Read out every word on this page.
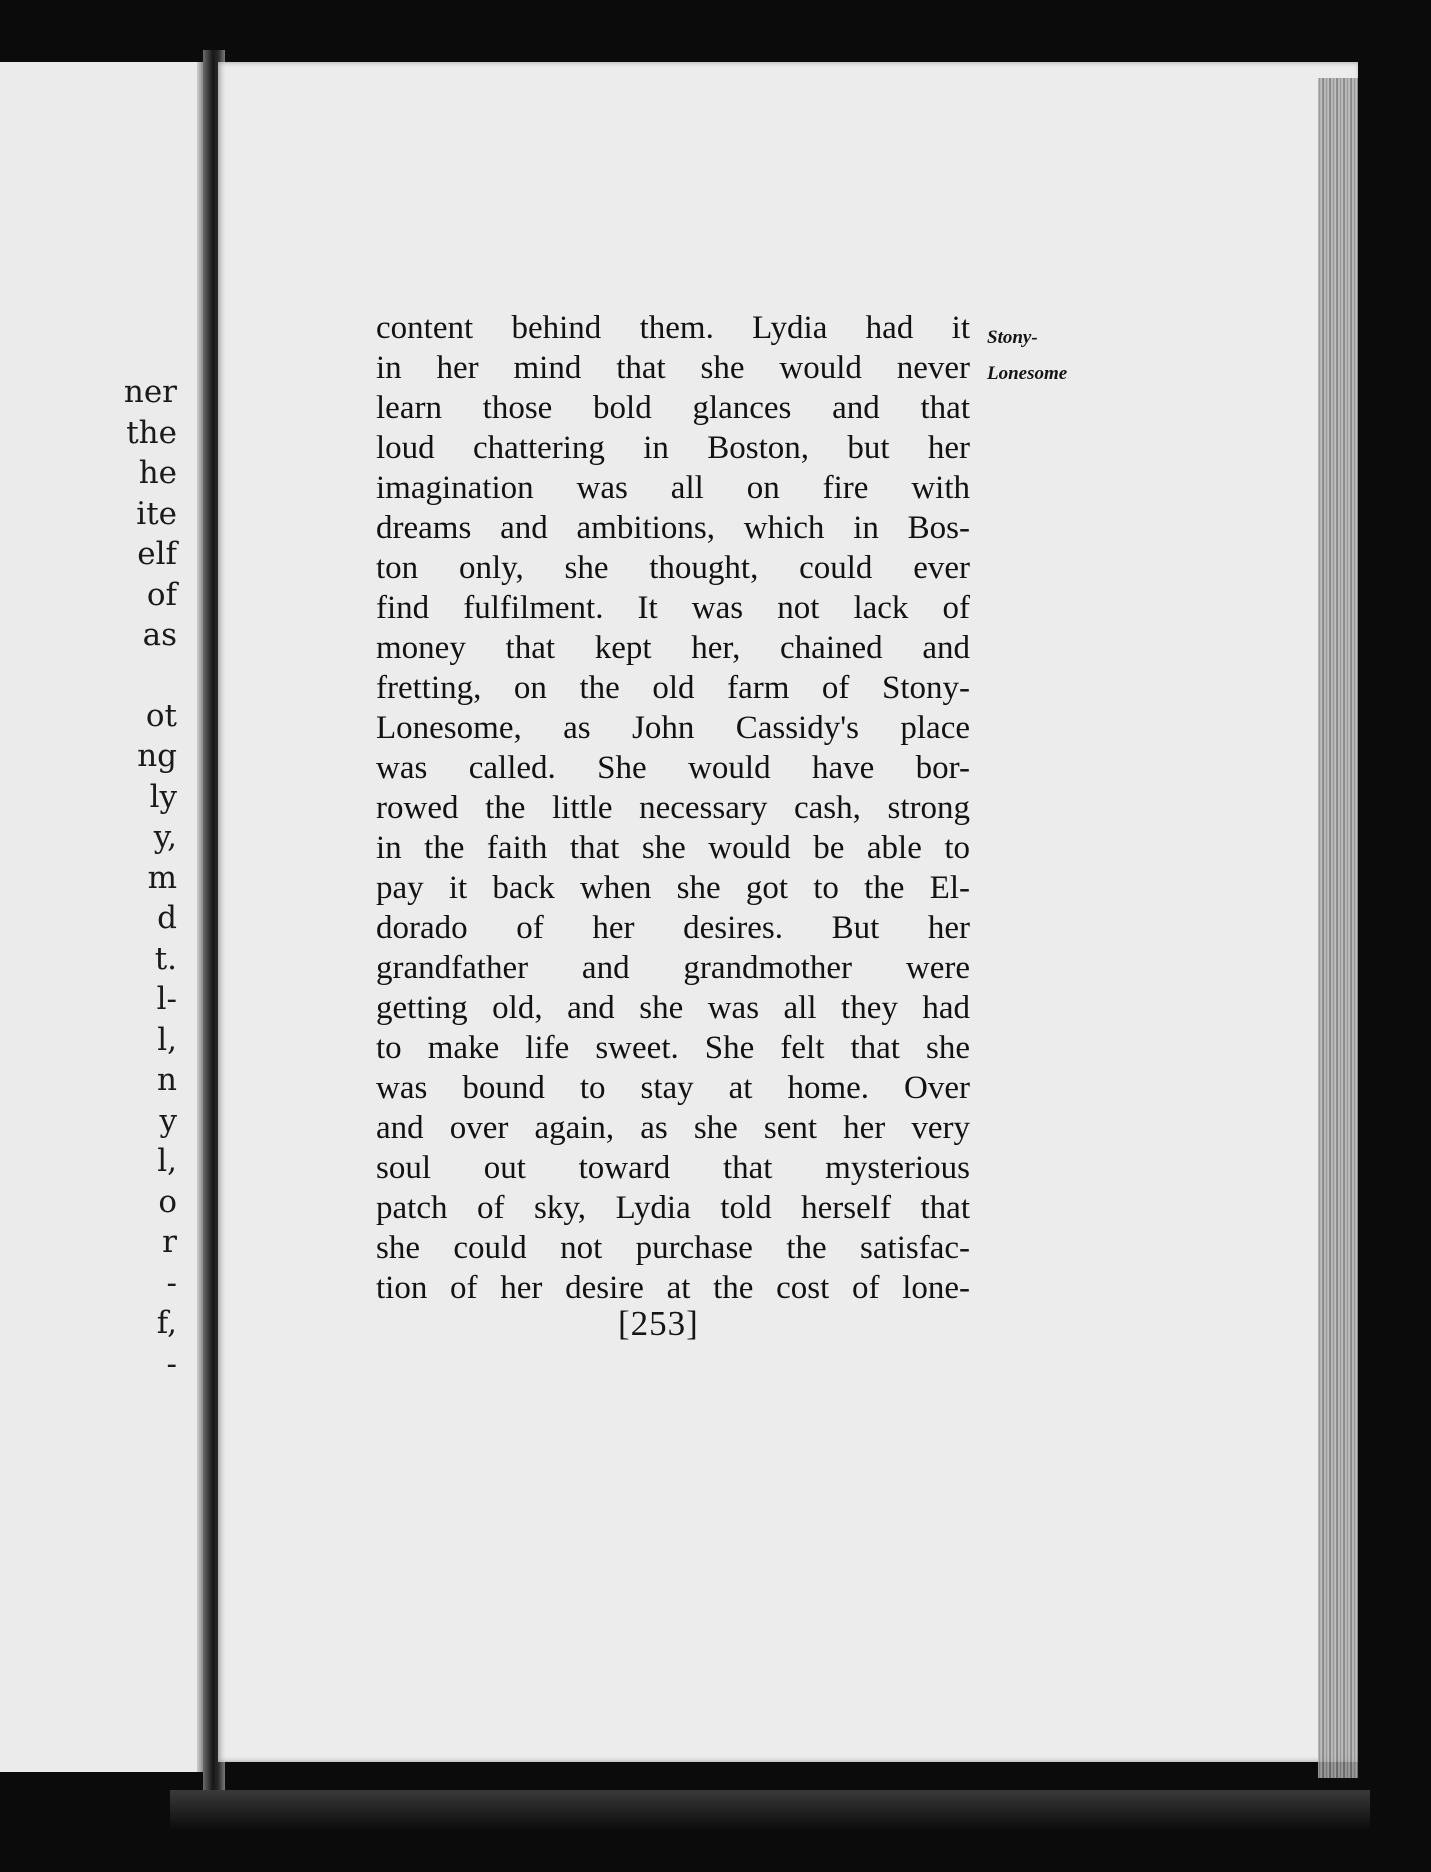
ner
the
he
ite
elf
of
as
ot
ng
ly
y,
m
d
t.
l-
l,
n
y
l,
o
r
-
f,
-
content behind them. Lydia had it
in her mind that she would never
learn those bold glances and that
loud chattering in Boston, but her
imagination was all on fire with
dreams and ambitions, which in Bos-
ton only, she thought, could ever
find fulfilment. It was not lack of
money that kept her, chained and
fretting, on the old farm of Stony-
Lonesome, as John Cassidy's place
was called. She would have bor-
rowed the little necessary cash, strong
in the faith that she would be able to
pay it back when she got to the El-
dorado of her desires. But her
grandfather and grandmother were
getting old, and she was all they had
to make life sweet. She felt that she
was bound to stay at home. Over
and over again, as she sent her very
soul out toward that mysterious
patch of sky, Lydia told herself that
she could not purchase the satisfac-
tion of her desire at the cost of lone-
Stony-
Lonesome
[253]
